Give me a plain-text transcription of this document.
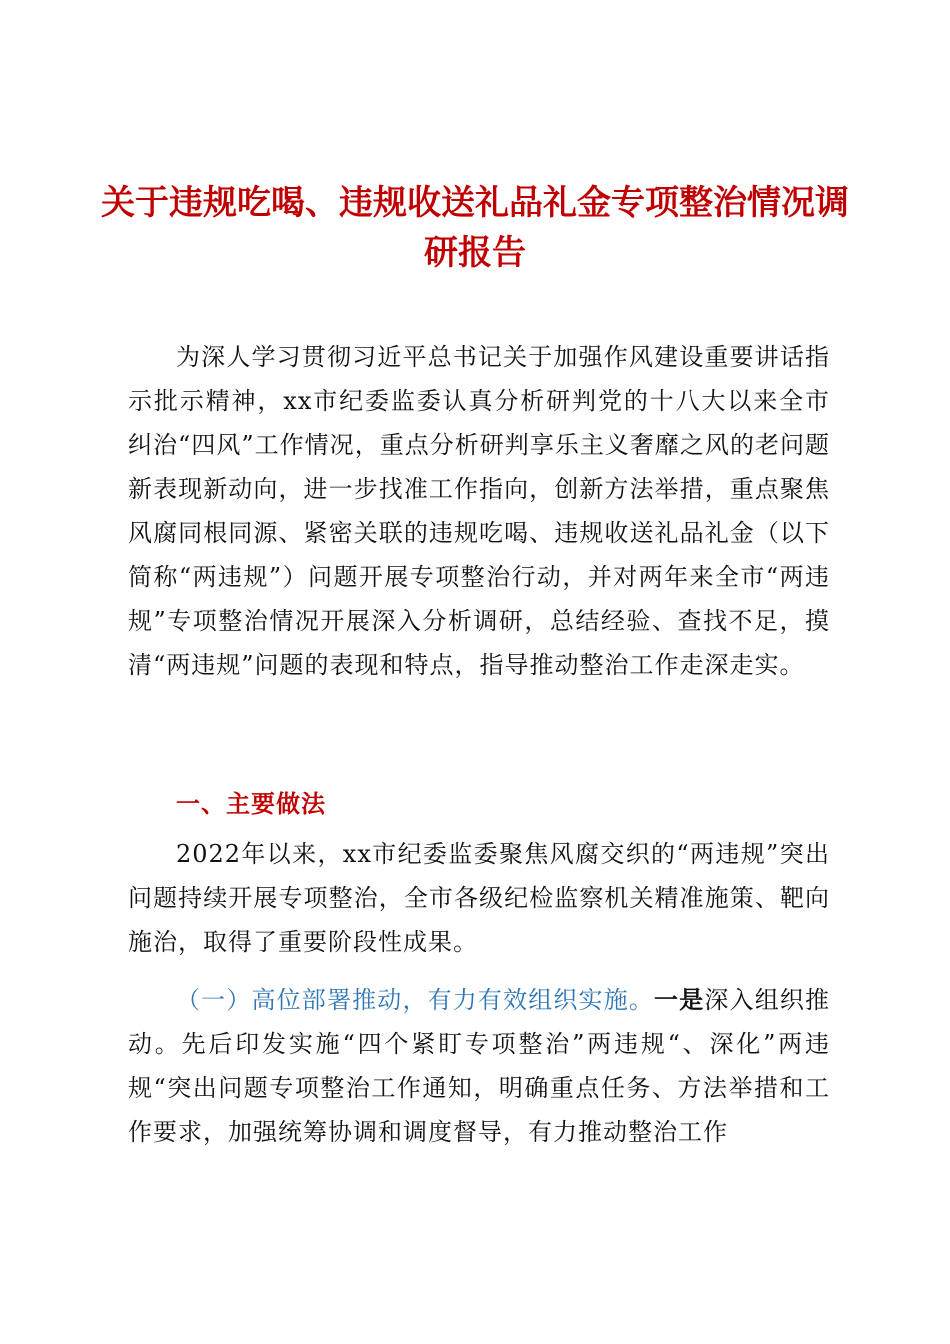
关于违规吃喝、违规收送礼品礼金专项整治情况调研报告
为深人学习贯彻习近平总书记关于加强作风建设重要讲话指示批示精神，xx市纪委监委认真分析研判党的十八大以来全市纠治“四风”工作情况，重点分析研判享乐主义奢靡之风的老问题新表现新动向，进一步找准工作指向，创新方法举措，重点聚焦风腐同根同源、紧密关联的违规吃喝、违规收送礼品礼金（以下简称“两违规”）问题开展专项整治行动，并对两年来全市“两违规”专项整治情况开展深入分析调研，总结经验、查找不足，摸清“两违规”问题的表现和特点，指导推动整治工作走深走实。
一、主要做法
2022年以来，xx市纪委监委聚焦风腐交织的“两违规”突出问题持续开展专项整治，全市各级纪检监察机关精准施策、靶向施治，取得了重要阶段性成果。
（一）高位部署推动，有力有效组织实施。一是深入组织推动。先后印发实施“四个紧盯专项整治”两违规“、深化”两违规“突出问题专项整治工作通知，明确重点任务、方法举措和工作要求，加强统筹协调和调度督导，有力推动整治工作
